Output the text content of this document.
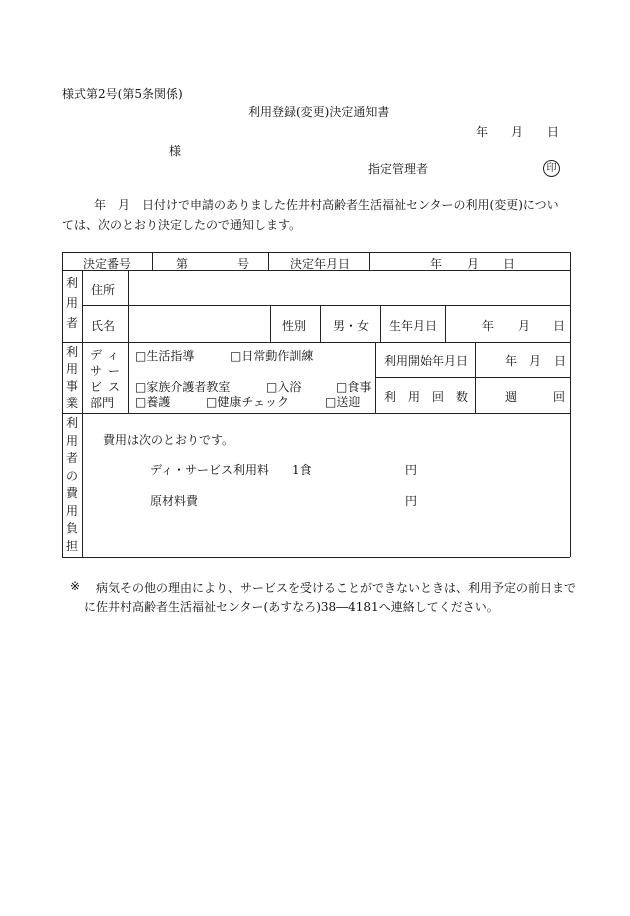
様式第2号(第5条関係)
利用登録(変更)決定通知書
年 月 日
様
指定管理者	印
年　月　日付けで申請のありました佐井村高齢者生活福祉センターの利用(変更)については、次のとおり決定したので通知します。
決定番号	第	号	決定年月日	年 月 日
利
用
者
住所
氏名	性別 男・女 生年月日	年 月 日
利
用
事
業
ディ
サー
ビス
部門
□生活指導	□日常動作訓練
□家族介護者教室	□入浴	□食事
□養護	□健康チェック	□送迎
利用開始年月日	年 月 日
利　用　回　数	週	回
利
用
者
の
費
用
負
担
費用は次のとおりです。
ディ・サービス利用料 1食	円
原材料費	円
※ 病気その他の理由により、サービスを受けることができないときは、利用予定の前日まで
に佐井村高齢者生活福祉センター(あすなろ)38―4181へ連絡してください。
